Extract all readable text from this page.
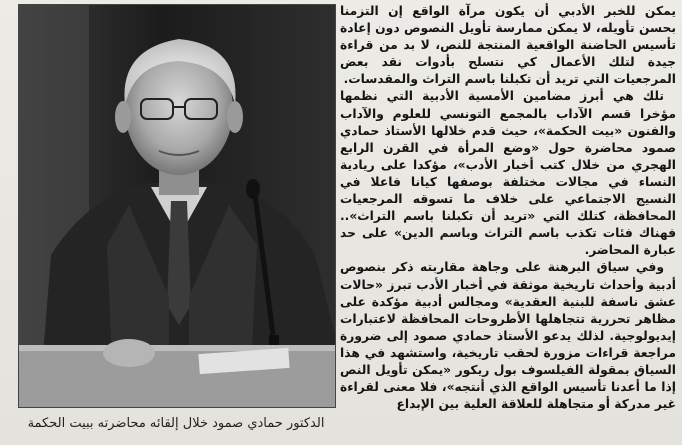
الدكتور حمادي صمود خلال إلقائه محاضرته ببيت الحكمة

يمكن للخبر الأدبي أن يكون مرآة الواقع إن التزمنا بحسن تأويله، لا يمكن ممارسة تأويل النصوص دون إعادة تأسيس الحاضنة الواقعية المنتجة للنص، لا بد من قراءة جيدة لتلك الأعمال كي نتسلح بأدوات نقد بعض المرجعيات التي تريد أن تكبلنا باسم التراث والمقدسات.

تلك هي أبرز مضامين الأمسية الأدبية التي نظمها مؤخرا قسم الآداب بالمجمع التونسي للعلوم والآداب والفنون «بيت الحكمة»، حيث قدم خلالها الأستاذ حمادي صمود محاضرة حول «وضع المرأة في القرن الرابع الهجري من خلال كتب أخبار الأدب»، مؤكدا على ريادية النساء في مجالات مختلفة بوصفها كيانا فاعلا في النسيج الاجتماعي على خلاف ما تسوقه المرجعيات المحافظة، كتلك التي «تريد أن تكبلنا باسم التراث».. فهناك فئات تكذب باسم التراث وباسم الدين» على حد عبارة المحاضر.

وفي سياق البرهنة على وجاهة مقاربته ذكر بنصوص أدبية وأحداث تاريخية موثقة في أخبار الأدب تبرز «حالات عشق ناسفة للبنية العقدية» ومجالس أدبية مؤكدة على مظاهر تحررية تتجاهلها الأطروحات المحافظة لاعتبارات إيديولوجية. لذلك يدعو الأستاذ حمادي صمود إلى ضرورة مراجعة قراءات مزورة لحقب تاريخية، واستشهد في هذا السياق بمقولة الفيلسوف بول ريكور «يمكن تأويل النص إذا ما أعدنا تأسيس الواقع الذي أنتجه»، فلا معنى لقراءة غير مدركة أو متجاهلة للعلاقة العلية بين الإبداع
